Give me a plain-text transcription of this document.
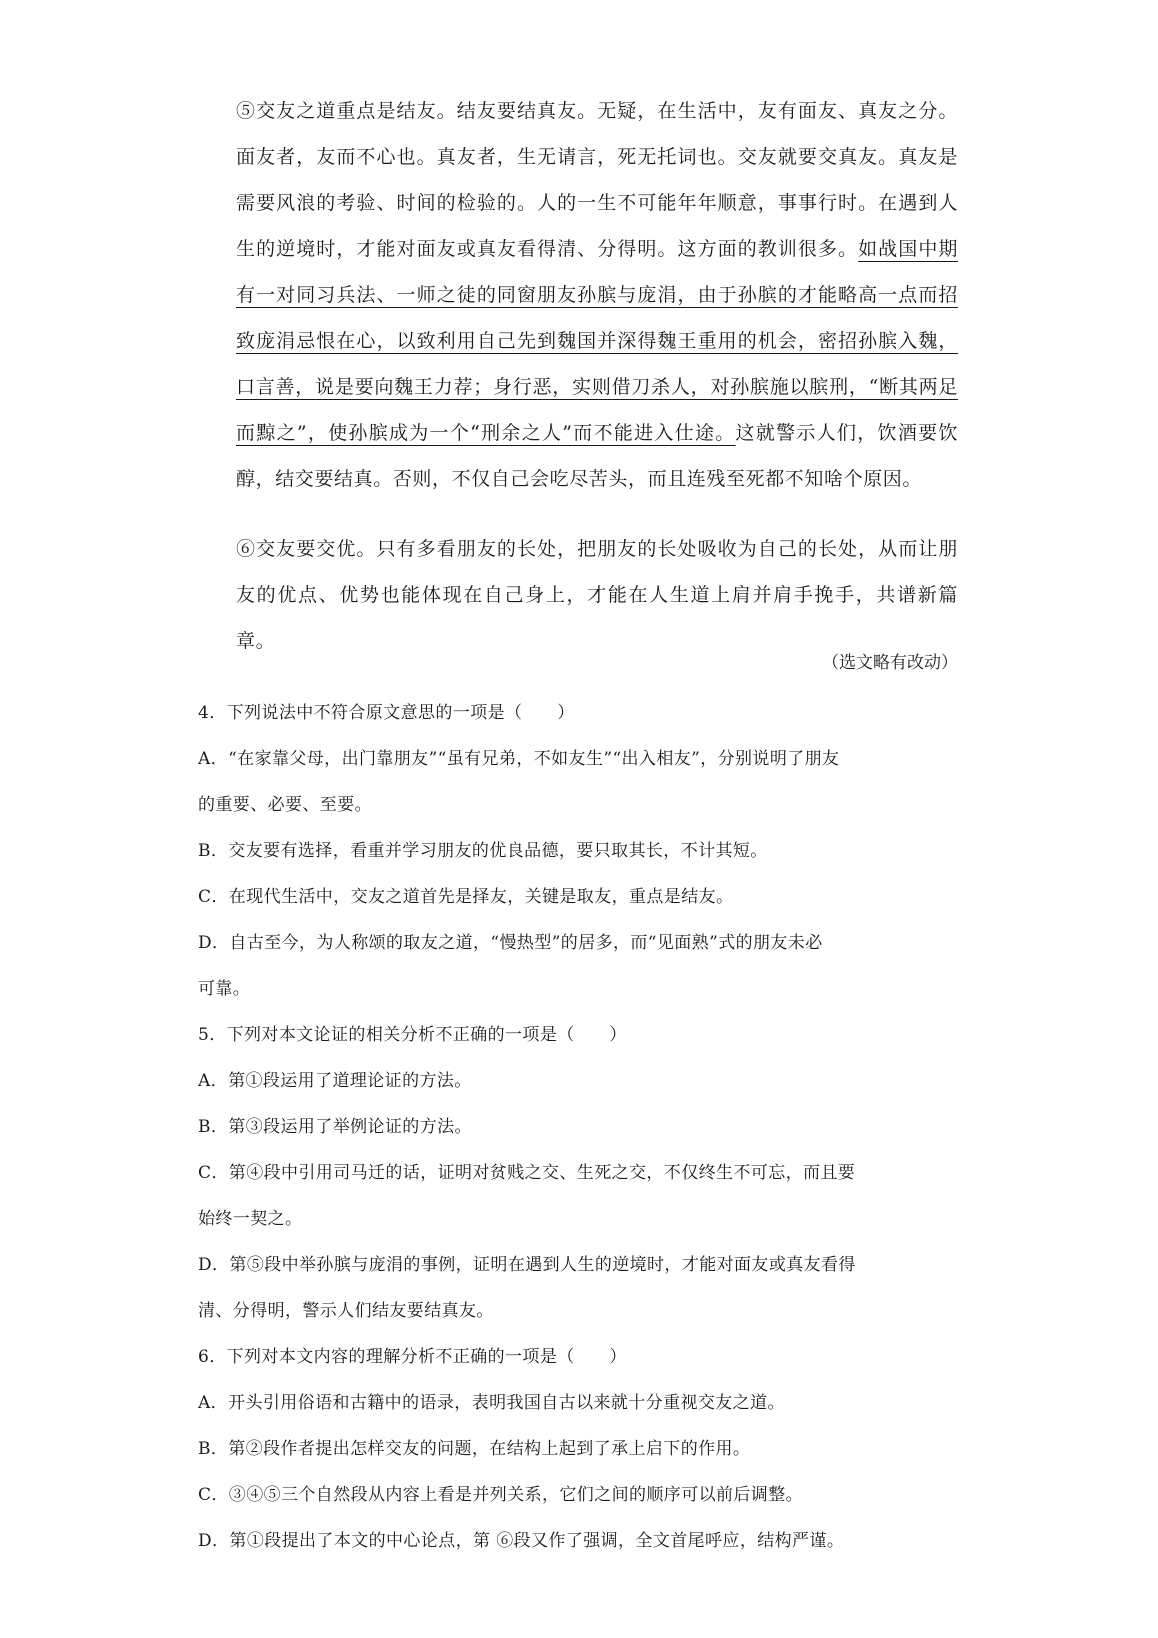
⑤交友之道重点是结友。结友要结真友。无疑，在生活中，友有面友、真友之分。面友者，友而不心也。真友者，生无请言，死无托词也。交友就要交真友。真友是需要风浪的考验、时间的检验的。人的一生不可能年年顺意，事事行时。在遇到人生的逆境时，才能对面友或真友看得清、分得明。这方面的教训很多。如战国中期有一对同习兵法、一师之徒的同窗朋友孙膑与庞涓，由于孙膑的才能略高一点而招致庞涓忌恨在心，以致利用自己先到魏国并深得魏王重用的机会，密招孙膑入魏，口言善，说是要向魏王力荐；身行恶，实则借刀杀人，对孙膑施以膑刑，“断其两足而黥之”，使孙膑成为一个“刑余之人”而不能进入仕途。这就警示人们，饮酒要饮醇，结交要结真。否则，不仅自己会吃尽苦头，而且连残至死都不知啥个原因。

⑥交友要交优。只有多看朋友的长处，把朋友的长处吸收为自己的长处，从而让朋友的优点、优势也能体现在自己身上，才能在人生道上肩并肩手挽手，共谱新篇章。

（选文略有改动）

4．下列说法中不符合原文意思的一项是（　　）

A．“在家靠父母，出门靠朋友”“虽有兄弟，不如友生”“出入相友”，分别说明了朋友

的重要、必要、至要。

B．交友要有选择，看重并学习朋友的优良品德，要只取其长，不计其短。

C．在现代生活中，交友之道首先是择友，关键是取友，重点是结友。

D．自古至今，为人称颂的取友之道，“慢热型”的居多，而“见面熟”式的朋友未必

可靠。

5．下列对本文论证的相关分析不正确的一项是（　　）

A．第①段运用了道理论证的方法。

B．第③段运用了举例论证的方法。

C．第④段中引用司马迁的话，证明对贫贱之交、生死之交，不仅终生不可忘，而且要

始终一契之。

D．第⑤段中举孙膑与庞涓的事例，证明在遇到人生的逆境时，才能对面友或真友看得

清、分得明，警示人们结友要结真友。

6．下列对本文内容的理解分析不正确的一项是（　　）

A．开头引用俗语和古籍中的语录，表明我国自古以来就十分重视交友之道。

B．第②段作者提出怎样交友的问题，在结构上起到了承上启下的作用。

C．③④⑤三个自然段从内容上看是并列关系，它们之间的顺序可以前后调整。

D．第①段提出了本文的中心论点，第 ⑥段又作了强调，全文首尾呼应，结构严谨。
